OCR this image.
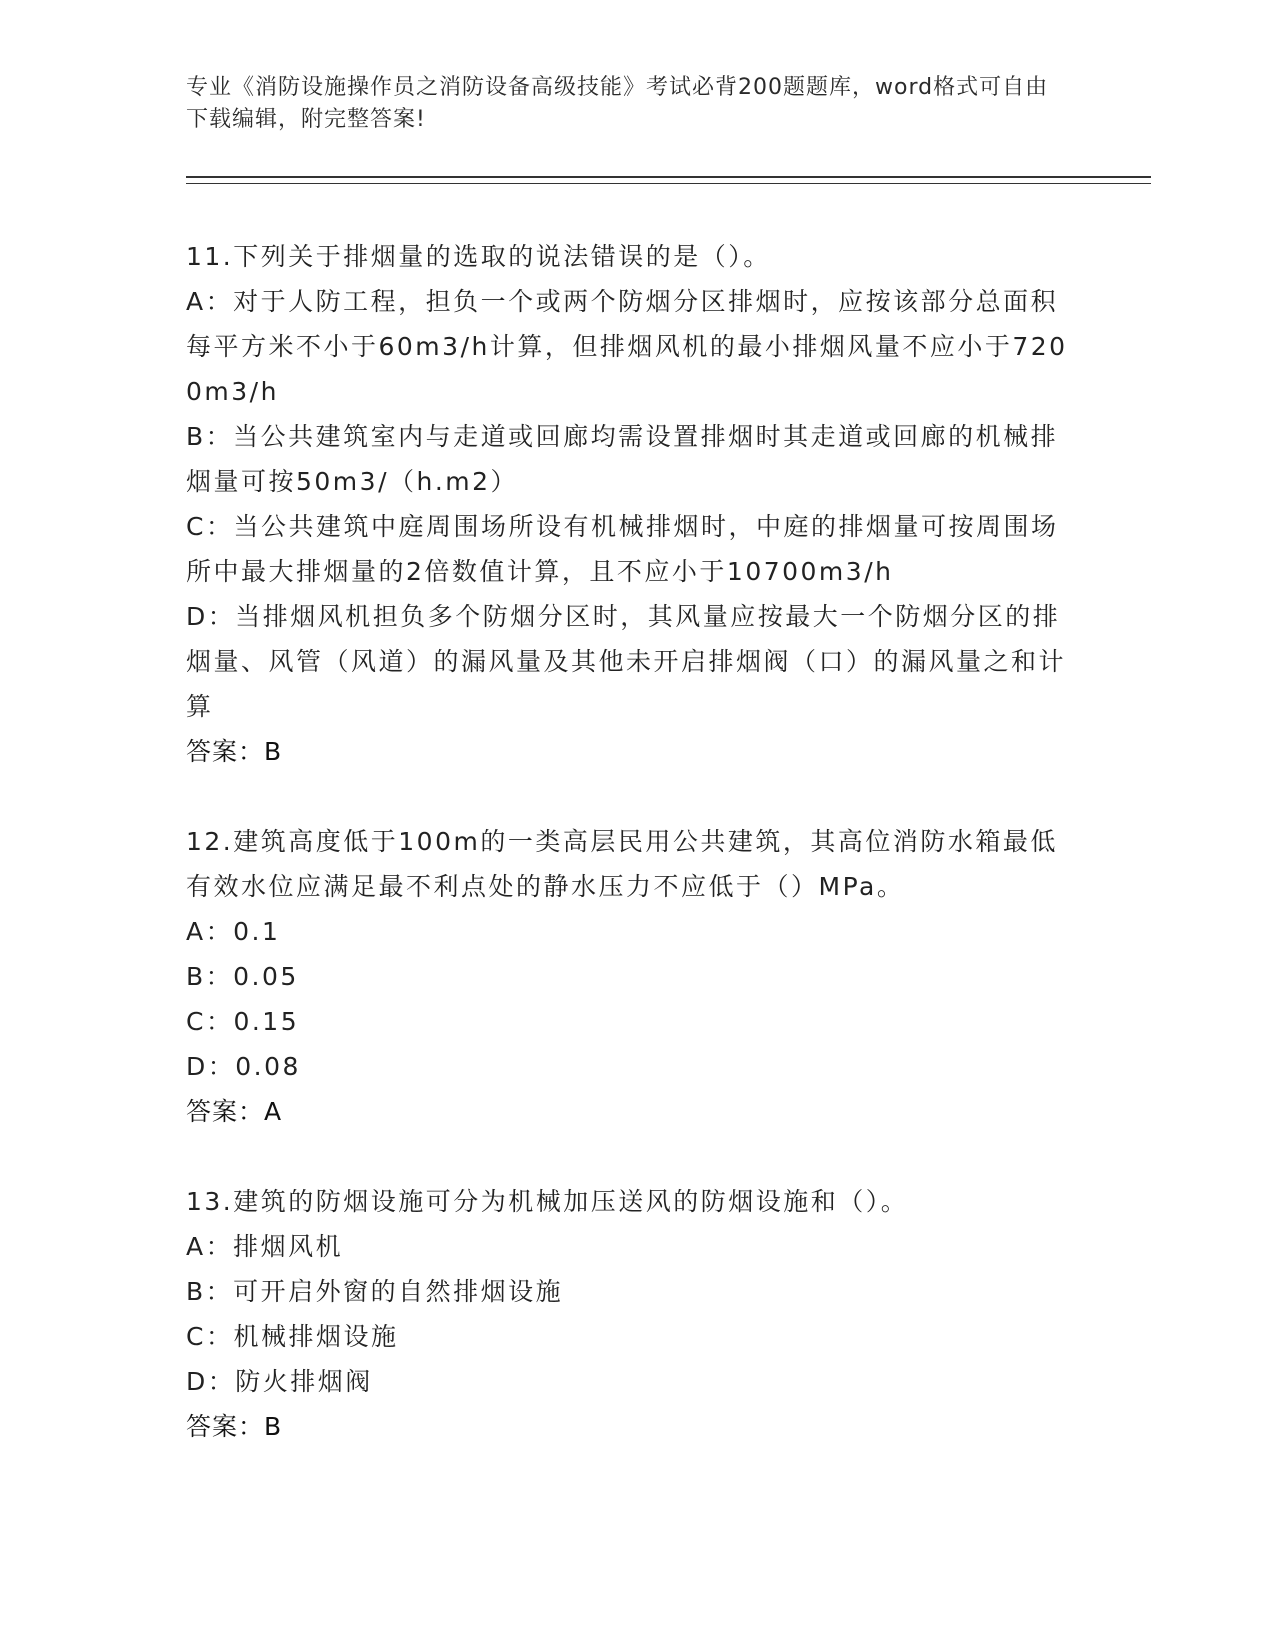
专业《消防设施操作员之消防设备高级技能》考试必背200题题库，word格式可自由下载编辑，附完整答案!
11.下列关于排烟量的选取的说法错误的是（）。
A：对于人防工程，担负一个或两个防烟分区排烟时，应按该部分总面积每平方米不小于60m3/h计算，但排烟风机的最小排烟风量不应小于7200m3/h
B：当公共建筑室内与走道或回廊均需设置排烟时其走道或回廊的机械排烟量可按50m3/（h.m2）
C：当公共建筑中庭周围场所设有机械排烟时，中庭的排烟量可按周围场所中最大排烟量的2倍数值计算，且不应小于10700m3/h
D：当排烟风机担负多个防烟分区时，其风量应按最大一个防烟分区的排烟量、风管（风道）的漏风量及其他未开启排烟阀（口）的漏风量之和计算
答案：B
12.建筑高度低于100m的一类高层民用公共建筑，其高位消防水箱最低有效水位应满足最不利点处的静水压力不应低于（）MPa。
A：0.1
B：0.05
C：0.15
D：0.08
答案：A
13.建筑的防烟设施可分为机械加压送风的防烟设施和（）。
A：排烟风机
B：可开启外窗的自然排烟设施
C：机械排烟设施
D：防火排烟阀
答案：B
